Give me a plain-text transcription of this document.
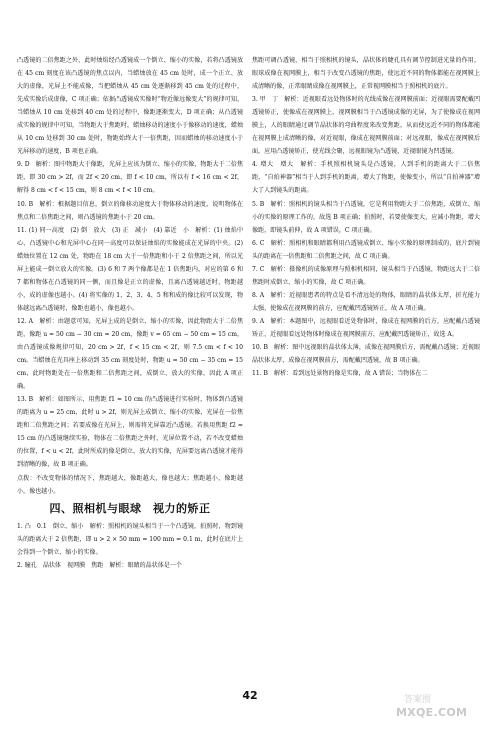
凸透镜的二倍焦距之外，此时烛焰经凸透镜成一个倒立、缩小的实像，若将凸透镜放在 45 cm 刻度在该凸透镜的焦点以内，当蜡烛放在 45 cm 处时，成一个正立、放大的虚像，光屏上不能成像，当把蜡烛从 45 cm 处逐渐移到 45 cm 处的过程中，先成实像后成虚像，C 项正确；依据凸透镜成实像时“物近像远像变大”的规律可知，当蜡烛从 10 cm 处移到 40 cm 处的过程中，像距逐渐变大，D 项正确；从凸透镜成实像的规律中可知，当物距大于焦距时，蜡烛移动的速度小于像移动的速度，蜡烛从 10 cm 处移到 30 cm 处时，物距始终大于一倍焦距，因而蜡烛的移动速度小于光屏移动的速度，B 项也正确。

9. D　解析：图中物距大于像距，光屏上应该为倒立、缩小的实像，物距大于二倍焦距，即 30 cm > 2f，而 2f < 20 cm，即 f < 10 cm，所以有 f < 16 cm < 2f，解得 8 cm < f < 15 cm，则 8 cm < f < 10 cm。

10. B　解析：根据题目信息，倒立的像移动速度大于物体移动的速度，说明物体在焦点和二倍焦距之间，则凸透镜的焦距小于 20 cm。

11. (1) 同一高度　(2) 倒　放大　(3) 正　减小　(4) 靠近　小　解析：(1) 烛焰中心、凸透镜中心和光屏中心在同一高度可以保证烛焰的实像能成在光屏的中央。(2) 蜡烛位置在 12 cm 处，物距在 18 cm 大于一倍焦距和小于 2 倍焦距之间，所以光屏上能成一倒立放大的实像。(3) 6 和 7 两个像都是在 1 倍焦距内，对应的第 6 和 7 都和物体在凸透镜的同一侧，而且像是正立的虚像，且离凸透镜越近时，物距越小，成的虚像也越小。(4) 将实像的 1、2、3、4、5 和和成的像比较可以发现，物体越远离凸透镜时，像距也越小，像也越小。

12. A　解析：由题意可知，光屏上成的是倒立、缩小的实像，因此物距大于二倍焦距，像距 u = 50 cm − 30 cm = 20 cm，像距 v = 65 cm − 50 cm = 15 cm，由凸透镜成像规律可知，20 cm > 2f，f < 15 cm < 2f，则 7.5 cm < f < 10 cm。当蜡烛在光具座上移动到 35 cm 刻度处时，物距 u = 50 cm − 35 cm = 15 cm，此时物距处在一倍焦距和二倍焦距之间，成倒立、放大的实像，因此 A 项正确。

13. B　解析：如图所示，用焦距 f1 = 10 cm 的凸透镜进行实验时，物体到凸透镜的距离为 u = 25 cm，此时 u > 2f，则光屏上成倒立、缩小的实像，光屏在一倍焦距和二倍焦距之间；若要成像在光屏上，则需将光屏靠近凸透镜。若换用焦距 f2 = 15 cm 的凸透镜继续实验，物体在二倍焦距之外时，光屏位置不动，若不改变蜡烛的位置，f < u < 2f，此时所成的像是倒立、放大的实像，光屏要远离凸透镜才能得到清晰的像，故 B 项正确。

点拨：不改变物体的情况下，焦距越大，像距越大，像也越大；焦距越小，像距越小，像也越小。

四、照相机与眼球　视力的矫正

1. 凸　0.1　倒立、缩小　解析：照相机的镜头相当于一个凸透镜，拍照时，物到镜头的距离大于 2 倍焦距，即 u > 2 × 50 mm = 100 mm = 0.1 m，此时在底片上会得到一个倒立、缩小的实像。

2. 瞳孔　晶状体　视网膜　焦距　解析：眼睛的晶状体是一个

焦距可调凸透镜，相当于照相机的镜头，晶状体的睫孔具有调节控制进光量的作用，眼球成像在视网膜上，相当于改变凸透镜的焦距，使远近不同的物体都能在视网膜上成清晰的像，正常眼睛成像在视网膜上，正常视网膜相当于照相机的底片。

3. 甲　丁　解析：近视眼看远处物体时的光线成像在视网膜前面；近视眼需要配戴凹透镜矫正，使像成在视网膜上，视网膜相当于凸透镜成像的光屏，为了使像成在视网膜上，人的眼睛通过调节晶状体的弯曲程度来改变焦距，从而使远近不同的物体都能在视网膜上成清晰的像，对近视眼，像成在视网膜前面；对远视眼，像成在视网膜后面，应用凸透镜矫正，使光线会聚，远视眼镜为凸透镜，近视眼镜为凹透镜。

4. 增大　增大　解析：手机照相机镜头是凸透镜，人到手机的距离大于二倍焦距，“自拍神器”相当于人到手机的距离，增大了物距，使像变小，所以“自拍神器”增大了人到镜头的距离。

5. B　解析：照相机的镜头相当于凸透镜，它是利用物距大于二倍焦距，成倒立、缩小的实像的原理工作的，故选 B 项正确；拍照时，若要使像变大，应减小物距，增大像距，即镜头前伸，故 A 项错误，C 项正确。

6. C　解析：照相机和眼睛都利用凸透镜成倒立、缩小实像的原理制成的，底片到镜头的距离在一倍焦距和二倍焦距之间，故 C 项正确。

7. C　解析：摄像机的成像原理与照相机相同，镜头相当于凸透镜，物距远大于二倍焦距时成倒立、缩小的实像，故 C 项正确。

8. A　解析：近视眼患者的特点是看不清远处的物体，眼睛的晶状体太厚，折光能力太强，使像成在视网膜的前方，应配戴凹透镜矫正，故 A 项正确。

9. A　解析：本题图中，远视眼看近处物体时，像成在视网膜的后方，应配戴凸透镜矫正，近视眼看远处物体时像成在视网膜前方，应配戴凹透镜矫正，故选 A。

10. B　解析：图中远视眼的晶状体太薄，成像在视网膜后方，需配戴凸透镜；近视眼晶状体太厚，成像在视网膜前方，需配戴凹透镜，故 B 项正确。

11. B　解析：看到远处景物的像是实像，故 A 错误；当物体在二

42	答案圈
MXQE.COM
